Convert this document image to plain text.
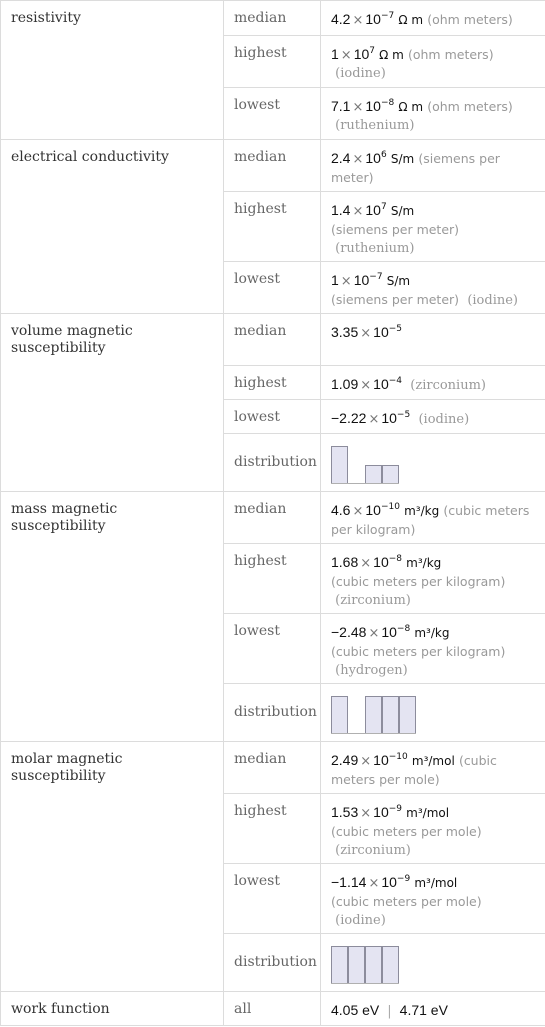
resistivity	median	$4.2 \times 10^{-7}$ Ω m (ohm meters)
	highest	$1 \times 10^7$ Ω m (ohm meters)
(iodine)
	lowest	$7.1 \times 10^{-8}$ Ω m (ohm meters)
(ruthenium)
electrical conductivity	median	$2.4 \times 10^6$ S/m (siemens per meter)
	highest	$1.4 \times 10^7$ S/m
(siemens per meter)
(ruthenium)
	lowest	$1 \times 10^{-7}$ S/m
(siemens per meter) (iodine)
volume magnetic susceptibility	median	$3.35 \times 10^{-5}$
	highest	$1.09 \times 10^{-4}$ (zirconium)
	lowest	$-2.22 \times 10^{-5}$ (iodine)
	distribution	

mass magnetic susceptibility	median	$4.6 \times 10^{-10}$ m³/kg (cubic meters per kilogram)
	highest	$1.68 \times 10^{-8}$ m³/kg
(cubic meters per kilogram)
(zirconium)
	lowest	$-2.48 \times 10^{-8}$ m³/kg
(cubic meters per kilogram)
(hydrogen)
	distribution	

molar magnetic susceptibility	median	$2.49 \times 10^{-10}$ m³/mol (cubic meters per mole)
	highest	$1.53 \times 10^{-9}$ m³/mol
(cubic meters per mole)
(zirconium)
	lowest	$-1.14 \times 10^{-9}$ m³/mol
(cubic meters per mole)
(iodine)
	distribution	

work function	all	4.05 eV | 4.71 eV
